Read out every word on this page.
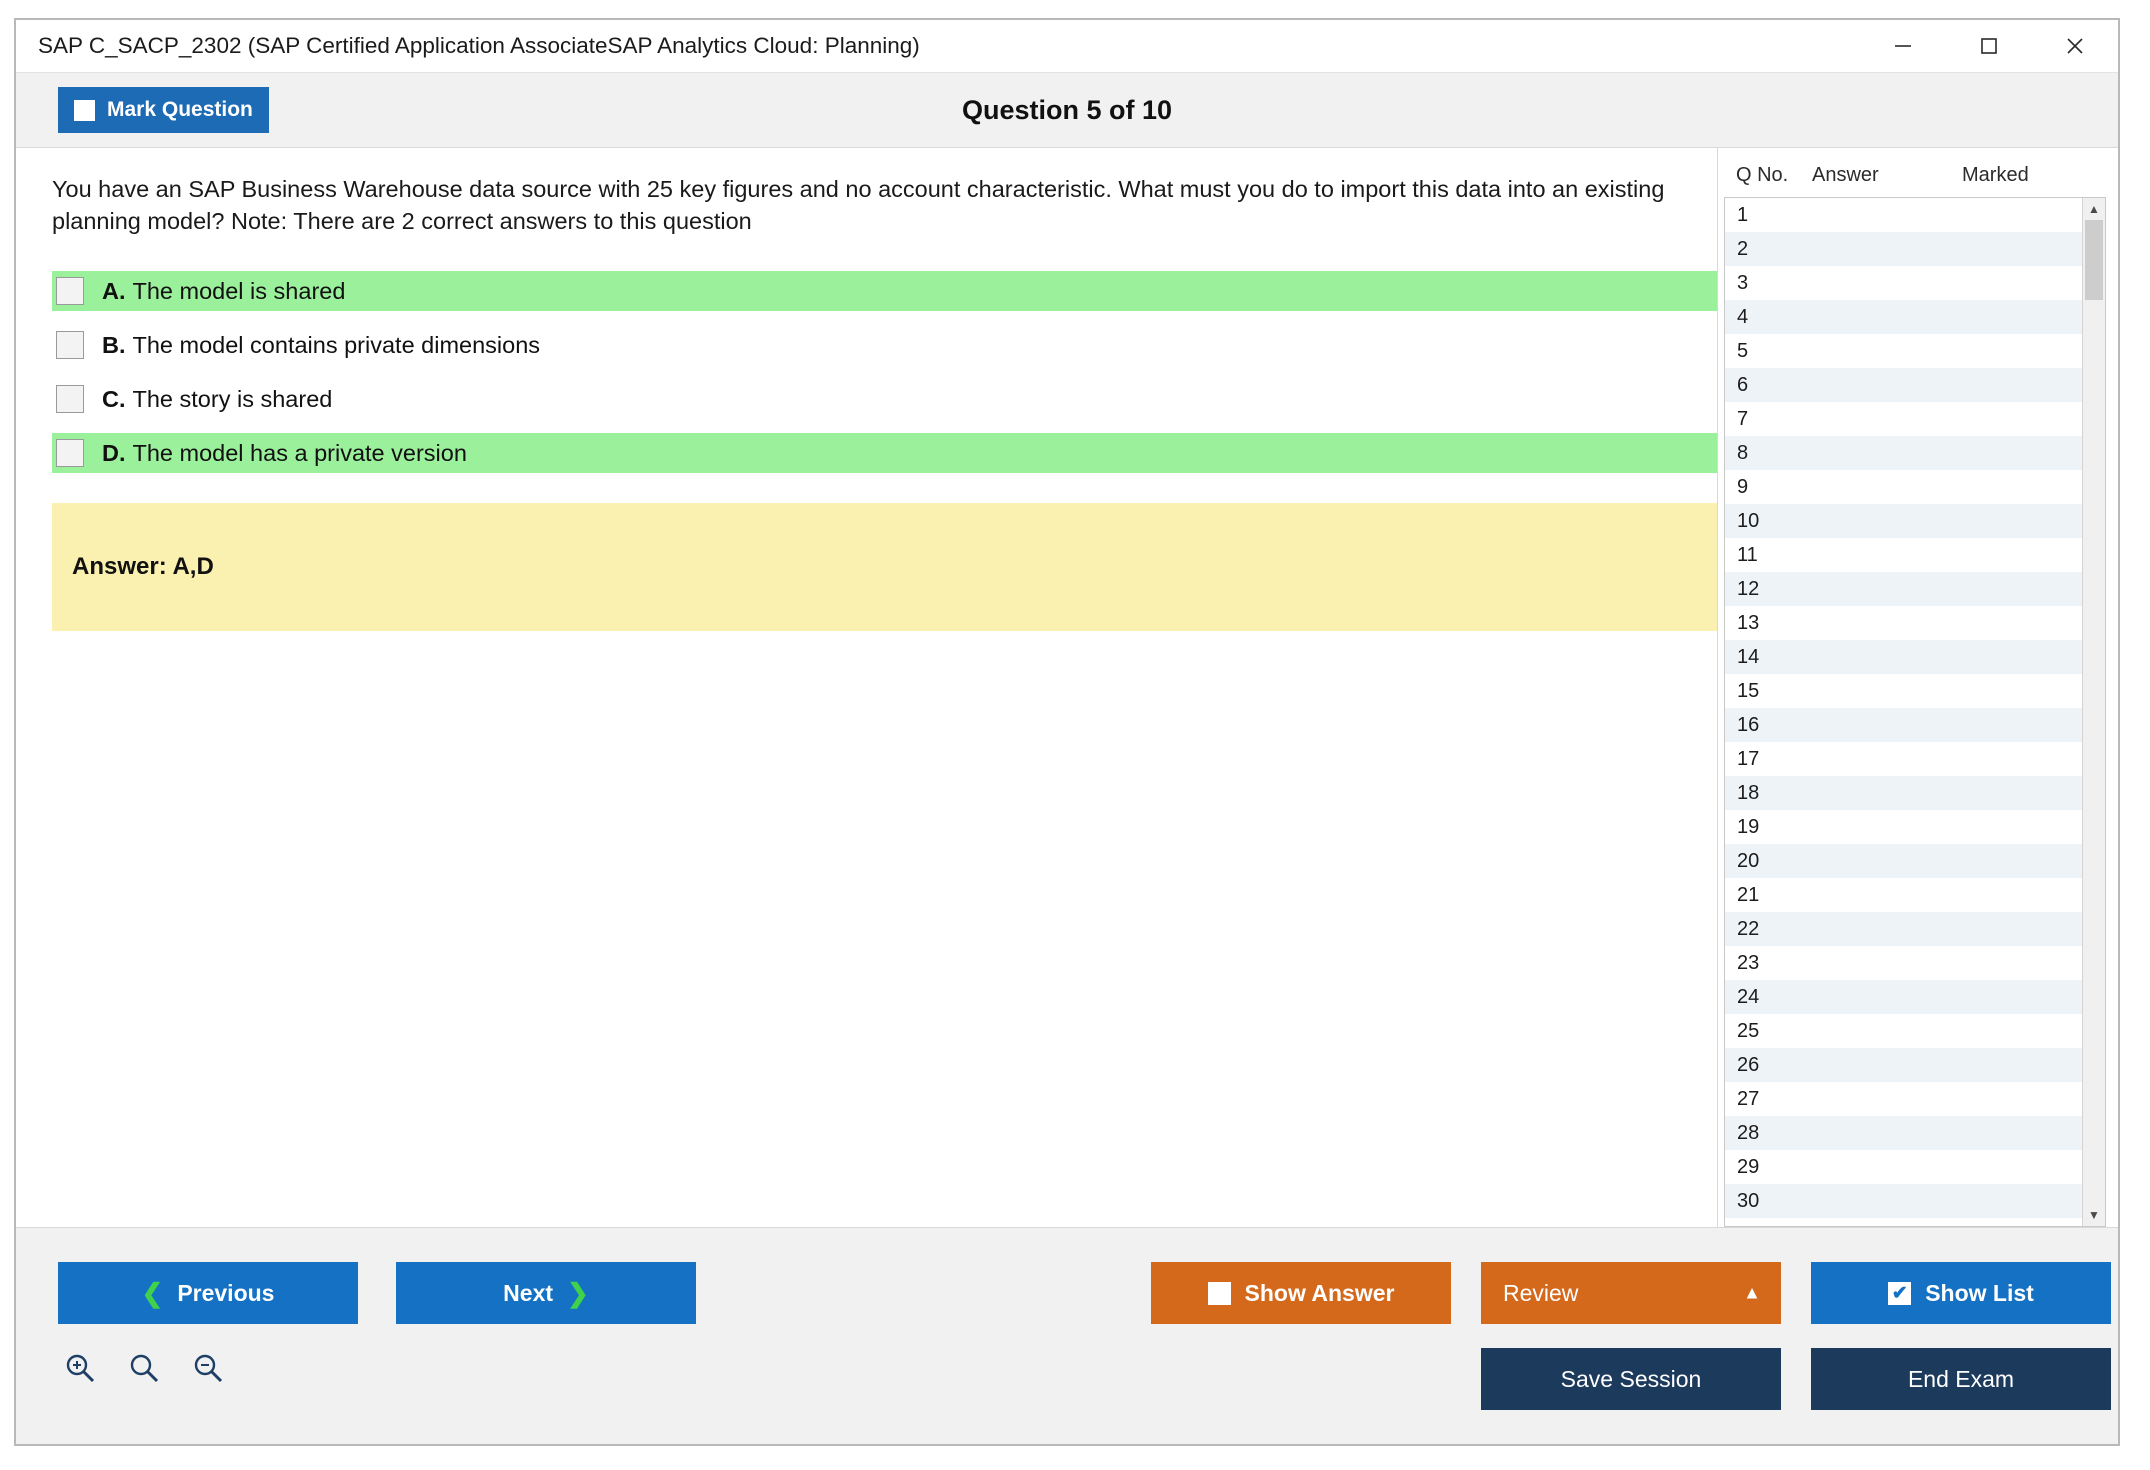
SAP C_SACP_2302 (SAP Certified Application AssociateSAP Analytics Cloud: Planning)
Mark Question	Question 5 of 10
You have an SAP Business Warehouse data source with 25 key figures and no account characteristic. What must you do to import this data into an existing planning model? Note: There are 2 correct answers to this question
A. The model is shared
B. The model contains private dimensions
C. The story is shared
D. The model has a private version
Answer: A,D
Q No.	Answer	Marked
1
2
3
4
5
6
7
8
9
10
11
12
13
14
15
16
17
18
19
20
21
22
23
24
25
26
27
28
29
30
▲
▼
❮ Previous	Next ❯	Show Answer	Review	▲	✔ Show List
Save Session	End Exam
